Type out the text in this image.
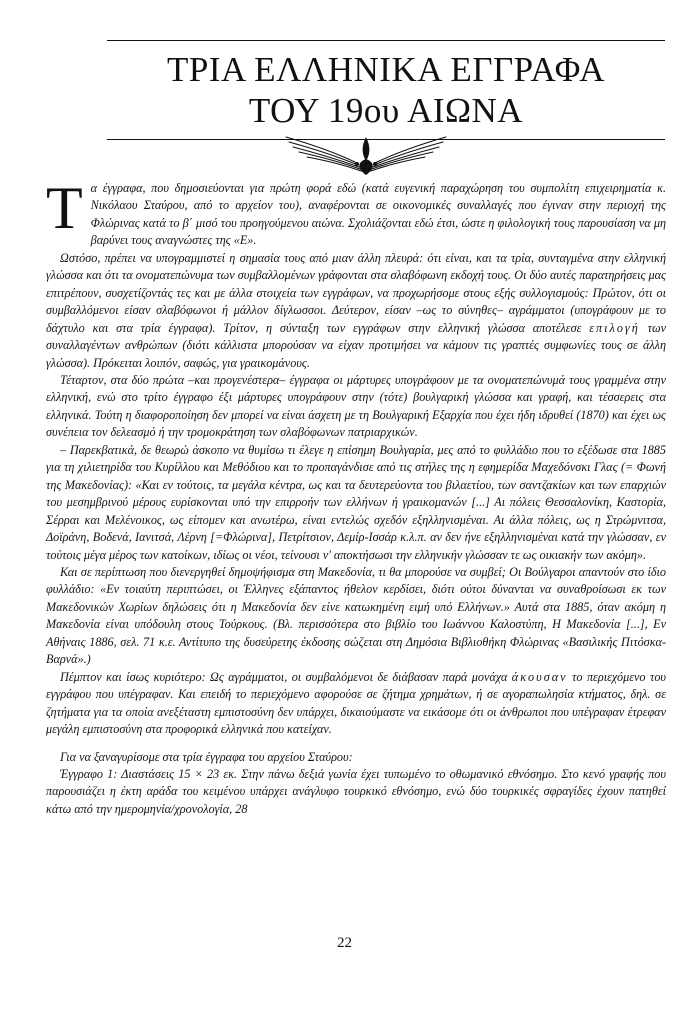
ΤΡΙΑ ΕΛΛΗΝΙΚΑ ΕΓΓΡΑΦΑ
ΤΟΥ 19ου ΑΙΩΝΑ

Τα έγγραφα, που δημοσιεύονται για πρώτη φορά εδώ (κατά ευγενική παραχώρηση του συμπολίτη επιχειρηματία κ. Νικόλαου Σταύρου, από το αρχείον του), αναφέρονται σε οικονομικές συναλλαγές που έγιναν στην περιοχή της Φλώρινας κατά το β΄ μισό του προηγούμενου αιώνα. Σχολιάζονται εδώ έτσι, ώστε η φιλολογική τους παρουσίαση να μη βαρύνει τους αναγνώστες της «Ε».

Ωστόσο, πρέπει να υπογραμμιστεί η σημασία τους από μιαν άλλη πλευρά: ότι είναι, και τα τρία, συνταγμένα στην ελληνική γλώσσα και ότι τα ονοματεπώνυμα των συμβαλλομένων γράφονται στα σλαβόφωνη εκδοχή τους. Οι δύο αυτές παρατηρήσεις μας επιτρέπουν, συσχετίζοντάς τες και με άλλα στοιχεία των εγγράφων, να προχωρήσομε στους εξής συλλογισμούς: Πρώτον, ότι οι συμβαλλόμενοι είσαν σλαβόφωνοι ή μάλλον δίγλωσσοι. Δεύτερον, είσαν –ως το σύνηθες– αγράμματοι (υπογράφουν με το δάχτυλο και στα τρία έγγραφα). Τρίτον, η σύνταξη των εγγράφων στην ελληνική γλώσσα αποτέλεσε επιλογή των συναλλαγέντων ανθρώπων (διότι κάλλιστα μπορούσαν να είχαν προτιμήσει να κάμουν τις γραπτές συμφωνίες τους σε άλλη γλώσσα). Πρόκειται λοιπόν, σαφώς, για γραικομάνους.

Τέταρτον, στα δύο πρώτα –και προγενέστερα– έγγραφα οι μάρτυρες υπογράφουν με τα ονοματεπώνυμά τους γραμμένα στην ελληνική, ενώ στο τρίτο έγγραφο έξι μάρτυρες υπογράφουν στην (τότε) βουλγαρική γλώσσα και γραφή, και τέσσερεις στα ελληνικά. Τούτη η διαφοροποίηση δεν μπορεί να είναι άσχετη με τη Βουλγαρική Εξαρχία που έχει ήδη ιδρυθεί (1870) και έχει ως συνέπεια τον δελεασμό ή την τρομοκράτηση των σλαβόφωνων πατριαρχικών.

– Παρεκβατικά, δε θεωρώ άσκοπο να θυμίσω τι έλεγε η επίσημη Βουλγαρία, μες από το φυλλάδιο που το εξέδωσε στα 1885 για τη χιλιετηρίδα του Κυρίλλου και Μεθόδιου και το προπαγάνδισε από τις στήλες της η εφημερίδα Μαχεδόνσκι Γλας (= Φωνή της Μακεδονίας): «Και εν τούτοις, τα μεγάλα κέντρα, ως και τα δευτερεύοντα του βιλαετίου, των σαντζακίων και των επαρχιών του μεσημβρινού μέρους ευρίσκονται υπό την επιρροήν των ελλήνων ή γραικομανών [...] Αι πόλεις Θεσσαλονίκη, Καστορία, Σέρραι και Μελένοικος, ως είπομεν και ανωτέρω, είναι εντελώς σχεδόν εξηλληνισμέναι. Αι άλλα πόλεις, ως η Στρώμνιτσα, Δοϊράνη, Βοδενά, Ιανιτσά, Λέρνη [=Φλώρινα], Πετρίτσιον, Δεμίρ-Ισσάρ κ.λ.π. αν δεν ήνε εξηλληνισμέναι κατά την γλώσσαν, εν τούτοις μέγα μέρος των κατοίκων, ιδίως οι νέοι, τείνουσι ν' αποκτήσωσι την ελληνικήν γλώσσαν τε ως οικιακήν των ακόμη».

Και σε περίπτωση που διενεργηθεί δημοψήφισμα στη Μακεδονία, τι θα μπορούσε να συμβεί; Οι Βούλγαροι απαντούν στο ίδιο φυλλάδιο: «Εν τοιαύτη περιπτώσει, οι Έλληνες εξάπαντος ήθελον κερδίσει, διότι ούτοι δύνανται να συναθροίσωσι εκ των Μακεδονικών Χωρίων δηλώσεις ότι η Μακεδονία δεν είνε κατωκημένη ειμή υπό Ελλήνων.» Αυτά στα 1885, όταν ακόμη η Μακεδονία είναι υπόδουλη στους Τούρκους. (Βλ. περισσότερα στο βιβλίο του Ιωάννου Καλοστύπη, Η Μακεδονία [...], Εν Αθήναις 1886, σελ. 71 κ.ε. Αντίτυπο της δυσεύρετης έκδοσης σώζεται στη Δημόσια Βιβλιοθήκη Φλώρινας «Βασιλικής Πιτόσκα-Βαρνά».)

Πέμπτον και ίσως κυριότερο: Ως αγράμματοι, οι συμβαλόμενοι δε διάβασαν παρά μονάχα άκουσαν το περιεχόμενο του εγγράφου που υπέγραφαν. Και επειδή το περιεχόμενο αφορούσε σε ζήτημα χρημάτων, ή σε αγοραπωλησία κτήματος, δηλ. σε ζητήματα για τα οποία ανεξέταστη εμπιστοσύνη δεν υπάρχει, δικαιούμαστε να εικάσομε ότι οι άνθρωποι που υπέγραφαν έτρεφαν μεγάλη εμπιστοσύνη στα προφορικά ελληνικά που κατείχαν.

Για να ξαναγυρίσομε στα τρία έγγραφα του αρχείου Σταύρου:

Έγγραφο 1: Διαστάσεις 15 × 23 εκ. Στην πάνω δεξιά γωνία έχει τυπωμένο το οθωμανικό εθνόσημο. Στο κενό γραφής που παρουσιάζει η έκτη αράδα του κειμένου υπάρχει ανάγλυφο τουρκικό εθνόσημο, ενώ δύο τουρκικές σφραγίδες έχουν πατηθεί κάτω από την ημερομηνία/χρονολογία, 28

22
